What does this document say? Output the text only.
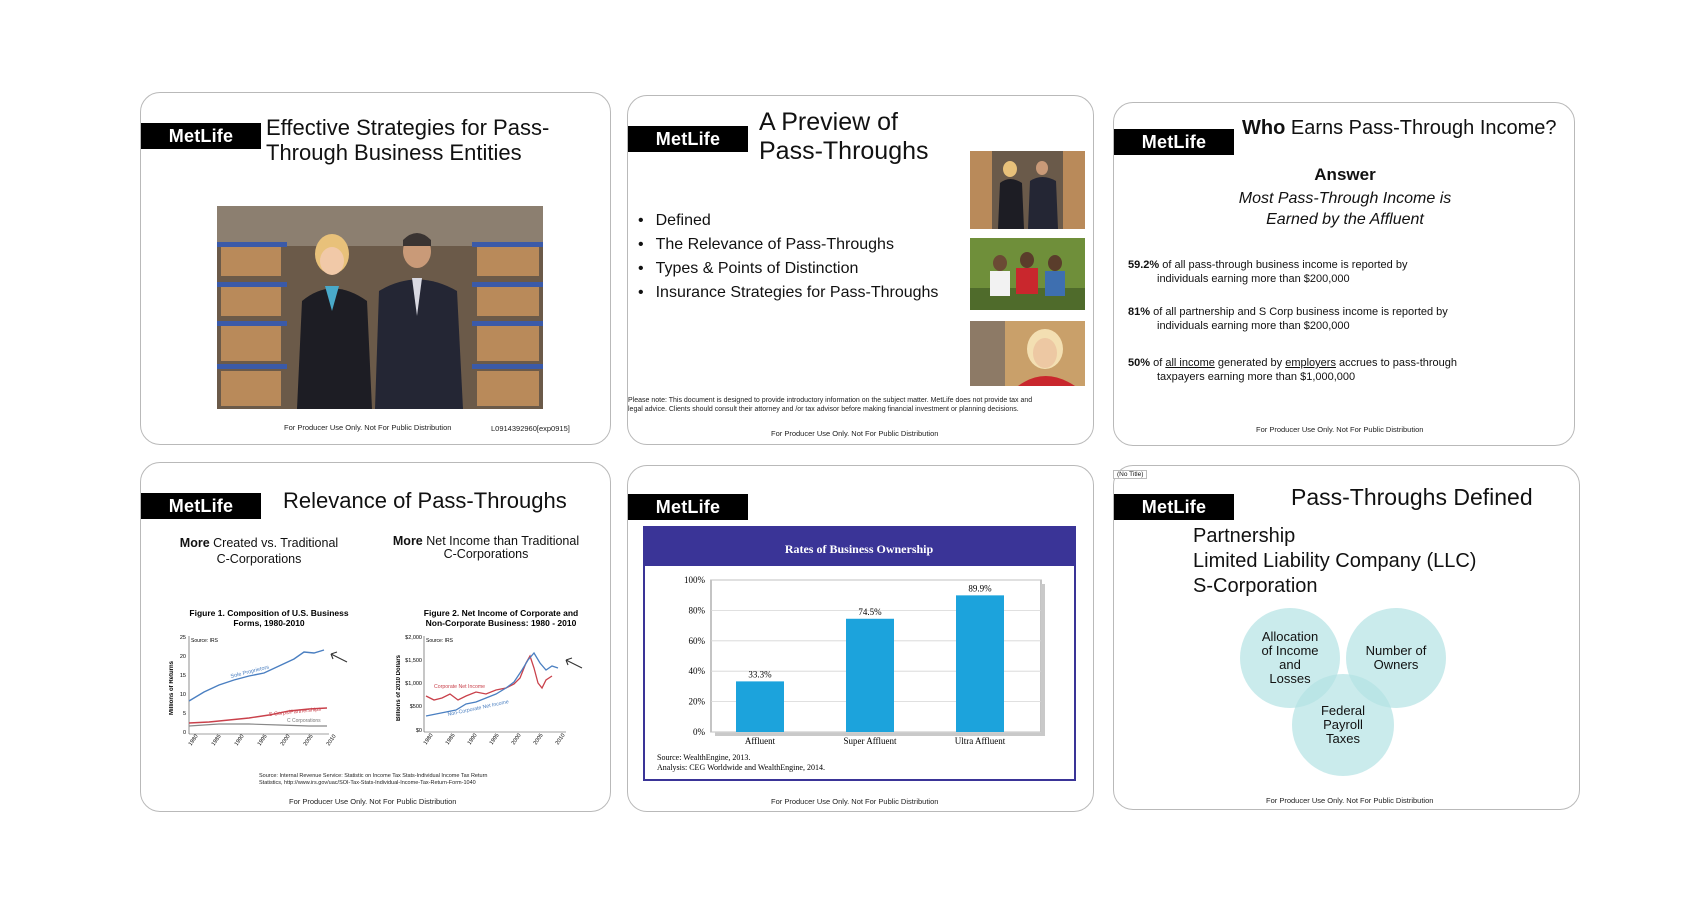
MetLife	Effective Strategies for Pass-
Through Business Entities
For Producer Use Only. Not For Public Distribution	L0914392960[exp0915]
MetLife
A Preview of
Pass-Throughs
• Defined
• The Relevance of Pass-Throughs
• Types & Points of Distinction
• Insurance Strategies for Pass-Throughs
Please note: This document is designed to provide introductory information on the subject matter. MetLife does not provide tax and
legal advice. Clients should consult their attorney and /or tax advisor before making financial investment or planning decisions.
For Producer Use Only. Not For Public Distribution
MetLife
Who Earns Pass-Through Income?
Answer
Most Pass-Through Income is
Earned by the Affluent
59.2% of all pass-through business income is reported by
individuals earning more than $200,000
81% of all partnership and S Corp business income is reported by
individuals earning more than $200,000
50% of all income generated by employers accrues to pass-through
taxpayers earning more than $1,000,000
For Producer Use Only. Not For Public Distribution
MetLife	Relevance of Pass-Throughs
More Created vs. Traditional
C-Corporations
More Net Income than Traditional
C-Corporations
Figure 1. Composition of U.S. Business
Forms, 1980-2010
Source: IRS
Millions of Returns
25
20
15
10
5
0
Sole Proprietors
S Corps/Partnerships
C Corporations
1980 1985 1990 1995 2000 2005 2010
Figure 2. Net Income of Corporate and
Non-Corporate Business: 1980 - 2010
Source: IRS
Billions of 2010 Dollars
$2,000
$1,500
$1,000
$500
$0
Corporate Net Income
Non-Corporate Net Income
1980 1985 1990 1995 2000 2005 2010
Source: Internal Revenue Service: Statistic on Income Tax Stats-Individual Income Tax Return
Statistics, http://www.irs.gov/uac/SOI-Tax-Stats-Individual-Income-Tax-Return-Form-1040
For Producer Use Only. Not For Public Distribution
MetLife
Rates of Business Ownership
100%
80%
60%
40%
20%
0%
Affluent	Super Affluent	Ultra Affluent
33.3%
74.5%
89.9%
Source: WealthEngine, 2013.
Analysis: CEG Worldwide and WealthEngine, 2014.
For Producer Use Only. Not For Public Distribution
(No Title)
MetLife	Pass-Throughs Defined
Partnership
Limited Liability Company (LLC)
S-Corporation
Allocation
of Income
and
Losses
Number of
Owners
Federal
Payroll
Taxes
For Producer Use Only. Not For Public Distribution
